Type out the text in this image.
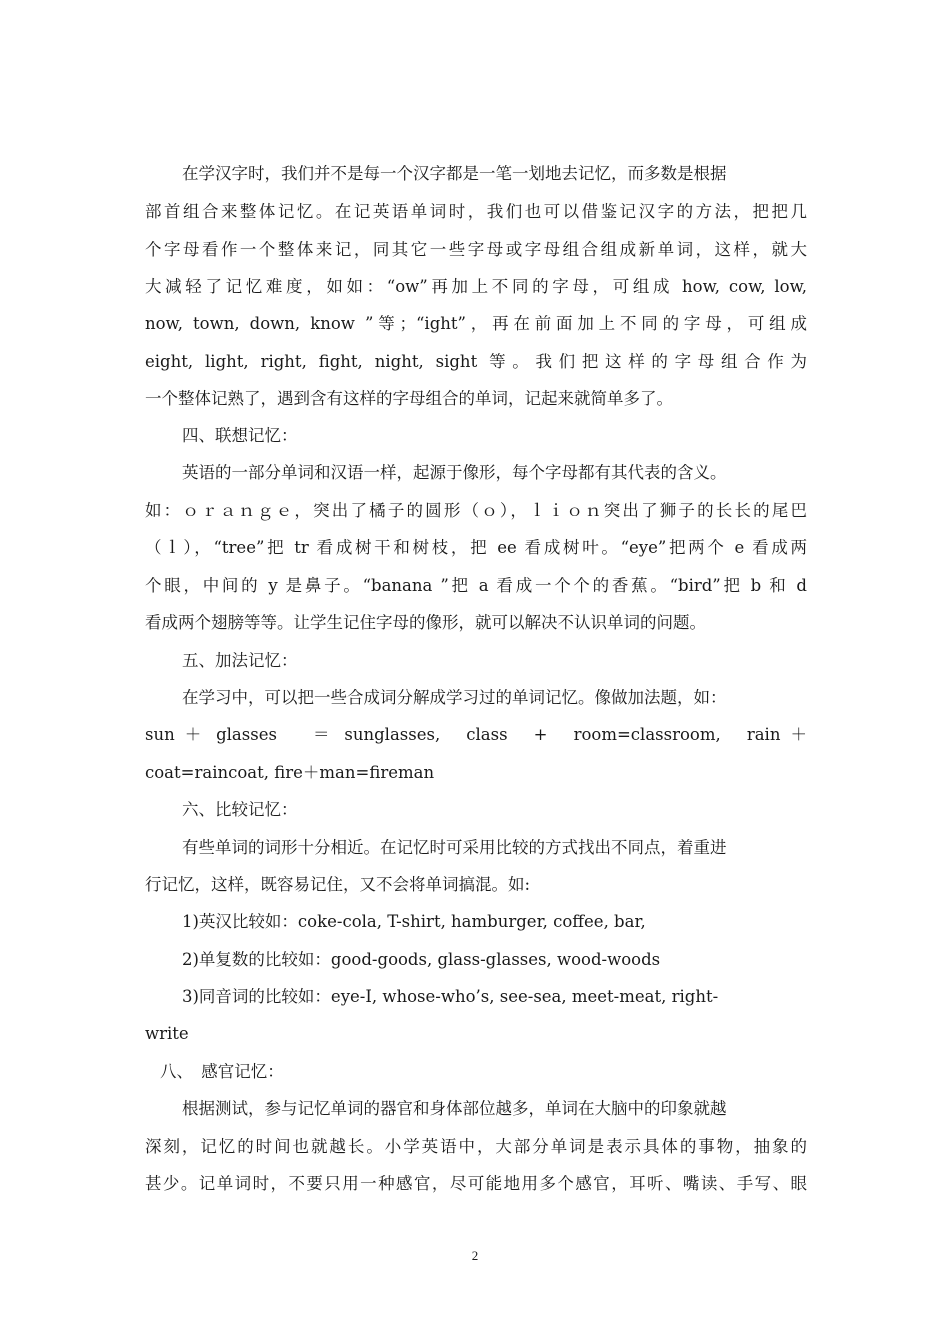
在学汉字时，我们并不是每一个汉字都是一笔一划地去记忆，而多数是根据
部首组合来整体记忆。在记英语单词时，我们也可以借鉴记汉字的方法，把把几
个字母看作一个整体来记，同其它一些字母或字母组合组成新单词，这样，就大
大减轻了记忆难度，如如：“ow”再加上不同的字母，可组成 how, cow, low,
now, town, down, know ”等；“ight”，再在前面加上不同的字母，可组成
eight, light, right, fight, night, sight 等。我们把这样的字母组合作为
一个整体记熟了，遇到含有这样的字母组合的单词，记起来就简单多了。
四、联想记忆：
英语的一部分单词和汉语一样，起源于像形，每个字母都有其代表的含义。
如：ｏｒａｎｇｅ，突出了橘子的圆形（ｏ），ｌｉｏｎ突出了狮子的长长的尾巴
（ｌ），“tree”把 tr 看成树干和树枝，把 ee 看成树叶。“eye”把两个 e 看成两
个眼，中间的 y 是鼻子。“banana ”把 a 看成一个个的香蕉。“bird”把 b 和 d
看成两个翅膀等等。让学生记住字母的像形，就可以解决不认识单词的问题。
五、加法记忆：
在学习中，可以把一些合成词分解成学习过的单词记忆。像做加法题，如：
sun ＋ glasses　 ＝ sunglasses,　class　+　room=classroom,　rain ＋
coat=raincoat, fire＋man=fireman
六、比较记忆：
有些单词的词形十分相近。在记忆时可采用比较的方式找出不同点，着重进
行记忆，这样，既容易记住，又不会将单词搞混。如:
1)英汉比较如：coke-cola, T-shirt, hamburger, coffee, bar,
2)单复数的比较如：good-goods, glass-glasses, wood-woods
3)同音词的比较如：eye-I, whose-who’s, see-sea, meet-meat, right-
write
八、　感官记忆：
根据测试，参与记忆单词的器官和身体部位越多，单词在大脑中的印象就越
深刻，记忆的时间也就越长。小学英语中，大部分单词是表示具体的事物，抽象的
甚少。记单词时，不要只用一种感官，尽可能地用多个感官，耳听、嘴读、手写、眼
2
